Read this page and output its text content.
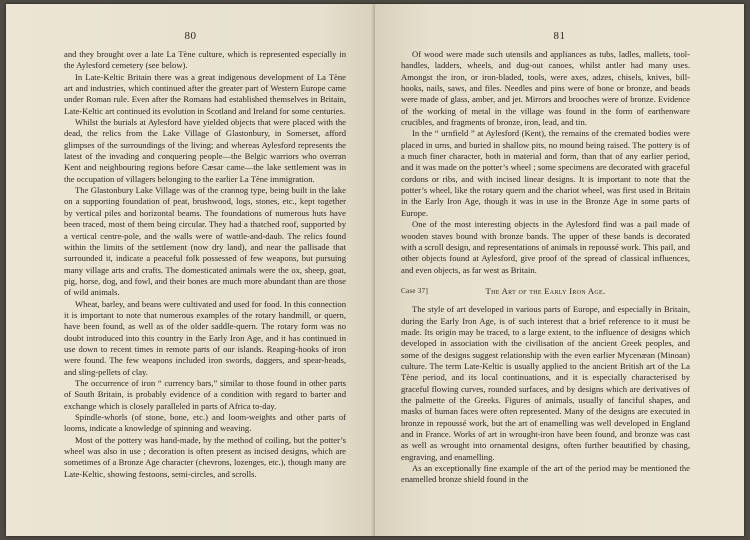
80

and they brought over a late La Tène culture, which is represented especially in the Aylesford cemetery (see below).

In Late-Keltic Britain there was a great indigenous development of La Tène art and industries, which continued after the greater part of Western Europe came under Roman rule. Even after the Romans had established themselves in Britain, Late-Keltic art continued its evolution in Scotland and Ireland for some centuries.

Whilst the burials at Aylesford have yielded objects that were placed with the dead, the relics from the Lake Village of Glastonbury, in Somerset, afford glimpses of the surroundings of the living; and whereas Aylesford represents the latest of the invading and conquering people—the Belgic warriors who overran Kent and neighbouring regions before Cæsar came—the lake settlement was in the occupation of villagers belonging to the earlier La Tène immigration.

The Glastonbury Lake Village was of the crannog type, being built in the lake on a supporting foundation of peat, brushwood, logs, stones, etc., kept together by vertical piles and horizontal beams. The foundations of numerous huts have been traced, most of them being circular. They had a thatched roof, supported by a vertical centre-pole, and the walls were of wattle-and-daub. The relics found within the limits of the settlement (now dry land), and near the pallisade that surrounded it, indicate a peaceful folk possessed of few weapons, but pursuing many village arts and crafts. The domesticated animals were the ox, sheep, goat, pig, horse, dog, and fowl, and their bones are much more abundant than are those of wild animals.

Wheat, barley, and beans were cultivated and used for food. In this connection it is important to note that numerous examples of the rotary handmill, or quern, have been found, as well as of the older saddle-quern. The rotary form was no doubt introduced into this country in the Early Iron Age, and it has continued in use down to recent times in remote parts of our islands. Reaping-hooks of iron were found. The few weapons included iron swords, daggers, and spear-heads, and sling-pellets of clay.

The occurrence of iron “ currency bars,” similar to those found in other parts of South Britain, is probably evidence of a condition with regard to barter and exchange which is closely paralleled in parts of Africa to-day.

Spindle-whorls (of stone, bone, etc.) and loom-weights and other parts of looms, indicate a knowledge of spinning and weaving.

Most of the pottery was hand-made, by the method of coiling, but the potter’s wheel was also in use ; decoration is often present as incised designs, which are sometimes of a Bronze Age character (chevrons, lozenges, etc.), though many are Late-Keltic, showing festoons, semi-circles, and scrolls.

81

Of wood were made such utensils and appliances as tubs, ladles, mallets, tool-handles, ladders, wheels, and dug-out canoes, whilst antler had many uses. Amongst the iron, or iron-bladed, tools, were axes, adzes, chisels, knives, bill-hooks, nails, saws, and files. Needles and pins were of bone or bronze, and beads were made of glass, amber, and jet. Mirrors and brooches were of bronze. Evidence of the working of metal in the village was found in the form of earthenware crucibles, and fragments of bronze, iron, lead, and tin.

In the “ urnfield ” at Aylesford (Kent), the remains of the cremated bodies were placed in urns, and buried in shallow pits, no mound being raised. The pottery is of a much finer character, both in material and form, than that of any earlier period, and it was made on the potter’s wheel ; some specimens are decorated with graceful cordons or ribs, and with incised linear designs. It is important to note that the potter’s wheel, like the rotary quern and the chariot wheel, was first used in Britain in the Early Iron Age, though it was in use in the Bronze Age in some parts of Europe.

One of the most interesting objects in the Aylesford find was a pail made of wooden staves bound with bronze bands. The upper of these bands is decorated with a scroll design, and representations of animals in repoussé work. This pail, and other objects found at Aylesford, give proof of the spread of classical influences, and even objects, as far west as Britain.

Case 37]	The Art of the Early Iron Age.

The style of art developed in various parts of Europe, and especially in Britain, during the Early Iron Age, is of such interest that a brief reference to it must be made. Its origin may be traced, to a large extent, to the influence of designs which developed in association with the civilisation of the ancient Greek peoples, and some of the designs suggest relationship with the even earlier Mycenæan (Minoan) culture. The term Late-Keltic is usually applied to the ancient British art of the La Tène period, and its local continuations, and it is especially characterised by graceful flowing curves, rounded surfaces, and by designs which are derivatives of the palmette of the Greeks. Figures of animals, usually of fanciful shapes, and masks of human faces were often represented. Many of the designs are executed in bronze in repoussé work, but the art of enamelling was well developed in England and in France. Works of art in wrought-iron have been found, and bronze was cast as well as wrought into ornamental designs, often further beautified by chasing, engraving, and enamelling.

As an exceptionally fine example of the art of the period may be mentioned the enamelled bronze shield found in the
